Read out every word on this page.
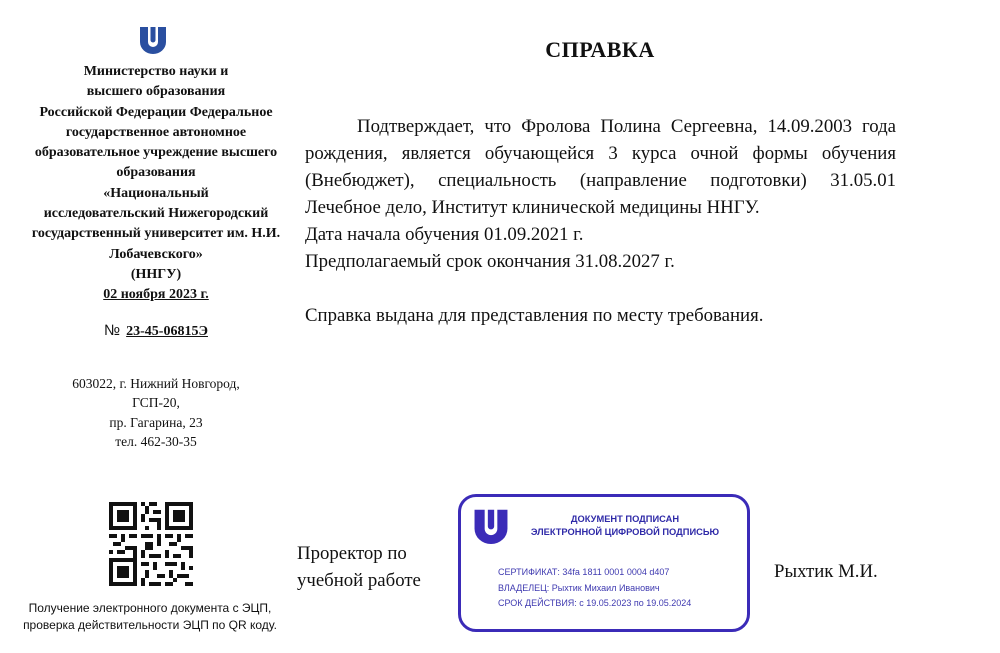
Министерство науки и
высшего образования
Российской Федерации Федеральное
государственное автономное
образовательное учреждение высшего
образования
«Национальный
исследовательский Нижегородский
государственный университет им. Н.И.
Лобачевского»
(ННГУ)
02 ноября 2023 г.
№ 23-45-06815Э
603022, г. Нижний Новгород,
ГСП-20,
пр. Гагарина, 23
тел. 462-30-35
СПРАВКА
Подтверждает, что Фролова Полина Сергеевна, 14.09.2003 года рождения, является обучающейся 3 курса очной формы обучения (Внебюджет), специальность (направление подготовки) 31.05.01 Лечебное дело, Институт клинической медицины ННГУ.
Дата начала обучения 01.09.2021 г.
Предполагаемый срок окончания 31.08.2027 г.
Справка выдана для представления по месту требования.
Получение электронного документа с ЭЦП,
проверка действительности ЭЦП по QR коду.
Проректор по
учебной работе
ДОКУМЕНТ ПОДПИСАН
ЭЛЕКТРОННОЙ ЦИФРОВОЙ ПОДПИСЬЮ
СЕРТИФИКАТ: 34fa 1811 0001 0004 d407
ВЛАДЕЛЕЦ: Рыхтик Михаил Иванович
СРОК ДЕЙСТВИЯ: с 19.05.2023 по 19.05.2024
Рыхтик М.И.
